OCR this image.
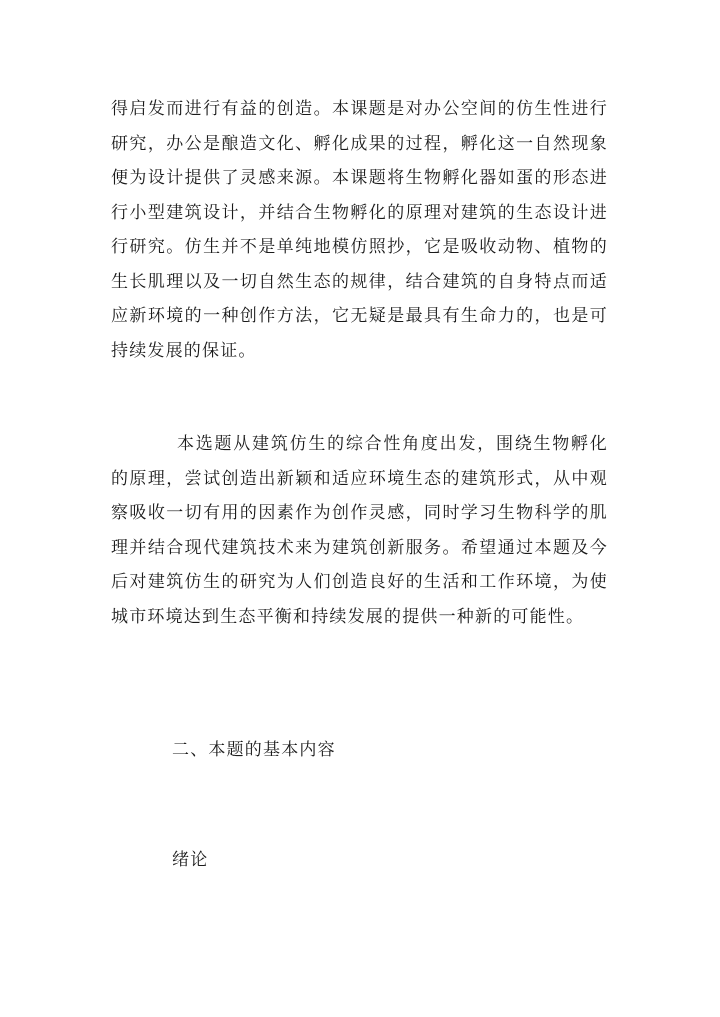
得启发而进行有益的创造。本课题是对办公空间的仿生性进行研究，办公是酿造文化、孵化成果的过程，孵化这一自然现象便为设计提供了灵感来源。本课题将生物孵化器如蛋的形态进行小型建筑设计，并结合生物孵化的原理对建筑的生态设计进行研究。仿生并不是单纯地模仿照抄，它是吸收动物、植物的生长肌理以及一切自然生态的规律，结合建筑的自身特点而适应新环境的一种创作方法，它无疑是最具有生命力的，也是可持续发展的保证。

本选题从建筑仿生的综合性角度出发，围绕生物孵化的原理，尝试创造出新颖和适应环境生态的建筑形式，从中观察吸收一切有用的因素作为创作灵感，同时学习生物科学的肌理并结合现代建筑技术来为建筑创新服务。希望通过本题及今后对建筑仿生的研究为人们创造良好的生活和工作环境，为使城市环境达到生态平衡和持续发展的提供一种新的可能性。

二、本题的基本内容
绪论
